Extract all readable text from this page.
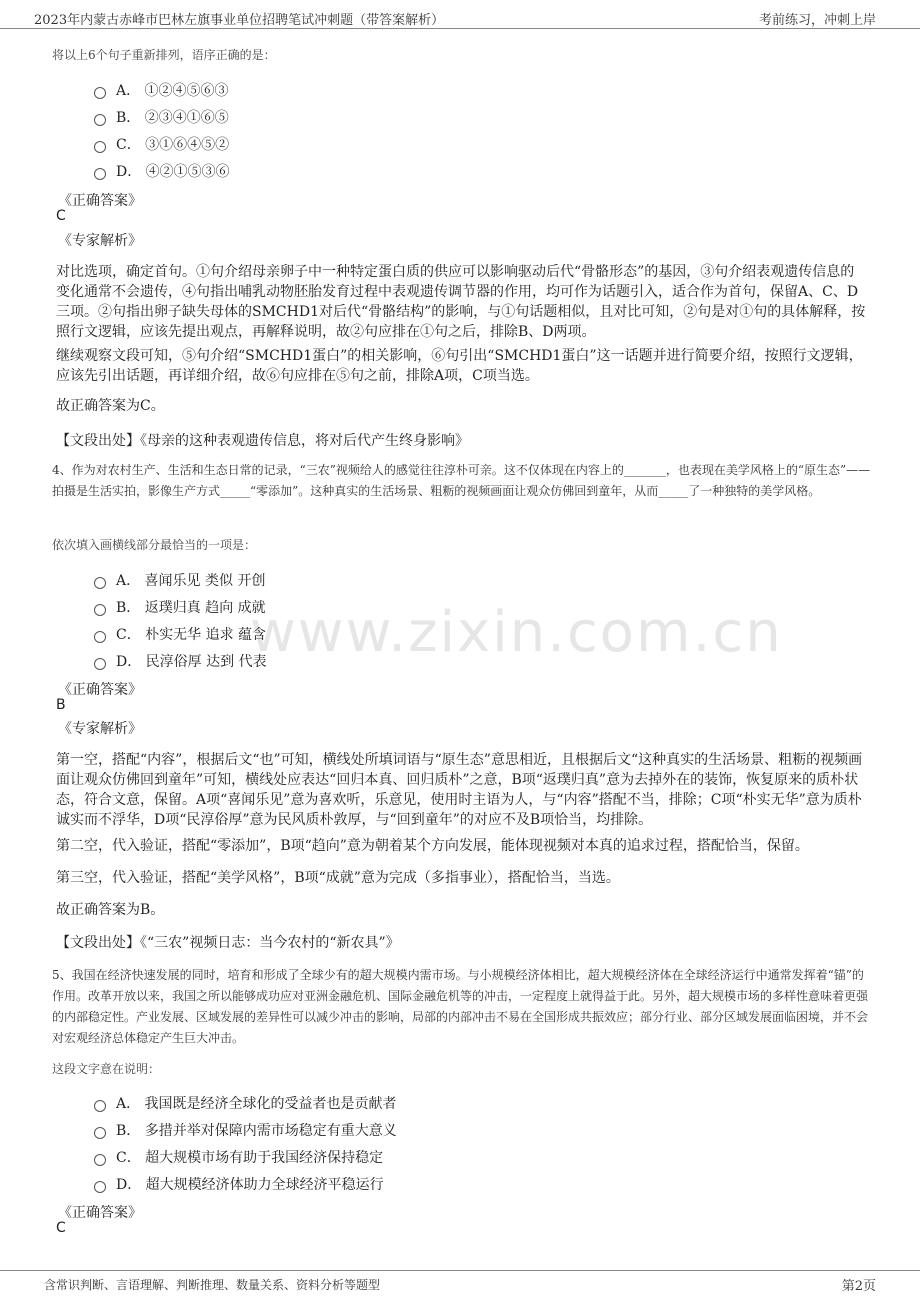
2023年内蒙古赤峰市巴林左旗事业单位招聘笔试冲刺题（带答案解析）	考前练习，冲刺上岸
www.zixin.com.cn
将以上6个句子重新排列，语序正确的是：
A． ①②④⑤⑥③
B． ②③④①⑥⑤
C． ③①⑥④⑤②
D． ④②①⑤③⑥
《正确答案》
C
《专家解析》
对比选项，确定首句。①句介绍母亲卵子中一种特定蛋白质的供应可以影响驱动后代“骨骼形态”的基因，③句介绍表观遗传信息的变化通常不会遗传，④句指出哺乳动物胚胎发育过程中表观遗传调节器的作用，均可作为话题引入，适合作为首句，保留A、C、D三项。②句指出卵子缺失母体的SMCHD1对后代“骨骼结构”的影响，与①句话题相似，且对比可知，②句是对①句的具体解释，按照行文逻辑，应该先提出观点，再解释说明，故②句应排在①句之后，排除B、D两项。
继续观察文段可知，⑤句介绍“SMCHD1蛋白”的相关影响，⑥句引出“SMCHD1蛋白”这一话题并进行简要介绍，按照行文逻辑，应该先引出话题，再详细介绍，故⑥句应排在⑤句之前，排除A项，C项当选。
故正确答案为C。
【文段出处】《母亲的这种表观遗传信息，将对后代产生终身影响》
4、作为对农村生产、生活和生态日常的记录，“三农”视频给人的感觉往往淳朴可亲。这不仅体现在内容上的_______，也表现在美学风格上的“原生态”——拍摄是生活实拍，影像生产方式_____“零添加”。这种真实的生活场景、粗粝的视频画面让观众仿佛回到童年，从而_____了一种独特的美学风格。
依次填入画横线部分最恰当的一项是：
A． 喜闻乐见 类似 开创
B． 返璞归真 趋向 成就
C． 朴实无华 追求 蕴含
D． 民淳俗厚 达到 代表
《正确答案》
B
《专家解析》
第一空，搭配“内容”，根据后文“也”可知，横线处所填词语与“原生态”意思相近，且根据后文“这种真实的生活场景、粗粝的视频画面让观众仿佛回到童年”可知，横线处应表达“回归本真、回归质朴”之意，B项“返璞归真”意为去掉外在的装饰，恢复原来的质朴状态，符合文意，保留。A项“喜闻乐见”意为喜欢听，乐意见，使用时主语为人，与“内容”搭配不当，排除；C项“朴实无华”意为质朴诚实而不浮华，D项“民淳俗厚”意为民风质朴敦厚，与“回到童年”的对应不及B项恰当，均排除。
第二空，代入验证，搭配“零添加”，B项“趋向”意为朝着某个方向发展，能体现视频对本真的追求过程，搭配恰当，保留。
第三空，代入验证，搭配“美学风格”，B项“成就”意为完成（多指事业），搭配恰当，当选。
故正确答案为B。
【文段出处】《“三农”视频日志：当今农村的“新农具”》
5、我国在经济快速发展的同时，培育和形成了全球少有的超大规模内需市场。与小规模经济体相比，超大规模经济体在全球经济运行中通常发挥着“锚”的作用。改革开放以来，我国之所以能够成功应对亚洲金融危机、国际金融危机等的冲击，一定程度上就得益于此。另外，超大规模市场的多样性意味着更强的内部稳定性。产业发展、区域发展的差异性可以减少冲击的影响，局部的内部冲击不易在全国形成共振效应；部分行业、部分区域发展面临困境，并不会对宏观经济总体稳定产生巨大冲击。
这段文字意在说明：
A． 我国既是经济全球化的受益者也是贡献者
B． 多措并举对保障内需市场稳定有重大意义
C． 超大规模市场有助于我国经济保持稳定
D． 超大规模经济体助力全球经济平稳运行
《正确答案》
C
含常识判断、言语理解、判断推理、数量关系、资料分析等题型	第2页
